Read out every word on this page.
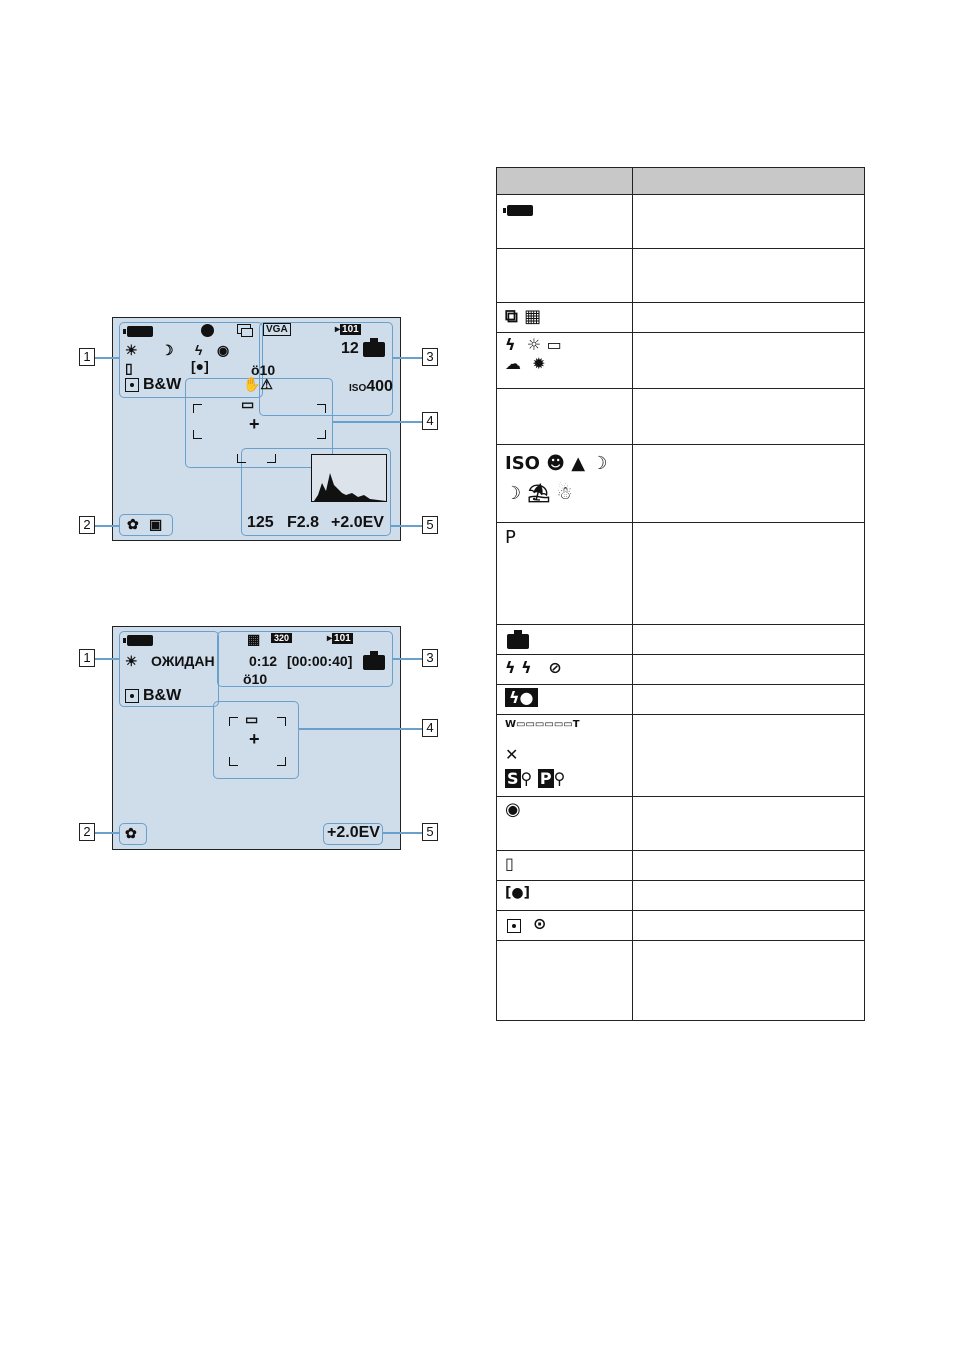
☀ ☽ ϟ ◉
▯	[●]
B&W
VGA	▸ 101
12
ö10
ISO400
✋⚠
▭
+
✿ ▣	125 F2.8 +2.0EV
1
2
3
4
5
▦	320	▸ 101
☀ ОЖИДАН 0:12 [00:00:40]
ö10
B&W
▭
+
✿	+2.0EV
1
2
3
4
5

⧉ ▦	

ϟ  ☼ ▭
☁  ✹	

ISO ☻ ▲ ☽
☽ ⛱ ☃	

P	

ϟ ϟ   ⊘	

ϟ●	

W▭▭▭▭▭▭T
✕
S ⚲ P ⚲	

◉	

▯	

[●]	

⊙	
